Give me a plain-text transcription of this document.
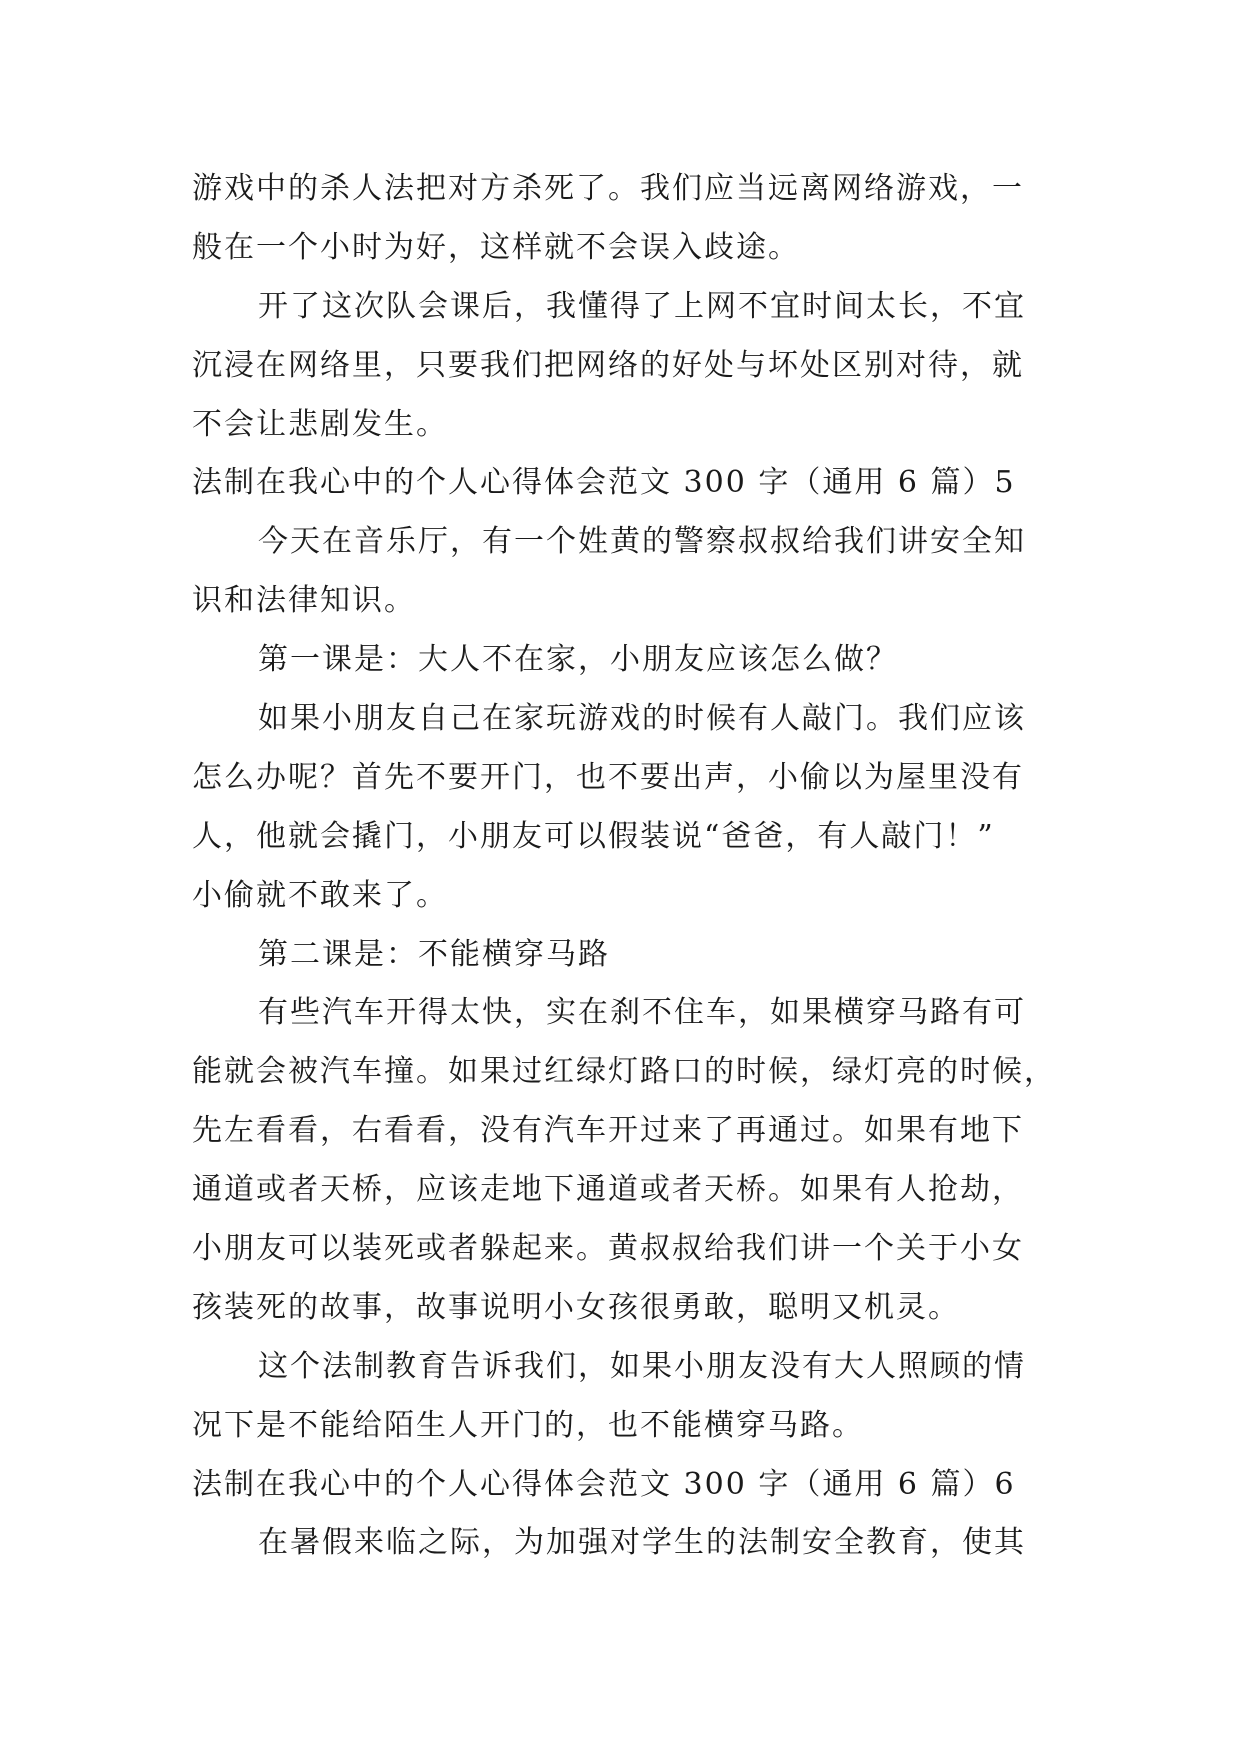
游戏中的杀人法把对方杀死了。我们应当远离网络游戏，一
般在一个小时为好，这样就不会误入歧途。
开了这次队会课后，我懂得了上网不宜时间太长，不宜
沉浸在网络里，只要我们把网络的好处与坏处区别对待，就
不会让悲剧发生。
法制在我心中的个人心得体会范文 300 字（通用 6 篇）5
今天在音乐厅，有一个姓黄的警察叔叔给我们讲安全知
识和法律知识。
第一课是：大人不在家，小朋友应该怎么做？
如果小朋友自己在家玩游戏的时候有人敲门。我们应该
怎么办呢？首先不要开门，也不要出声，小偷以为屋里没有
人，他就会撬门，小朋友可以假装说“爸爸，有人敲门！”
小偷就不敢来了。
第二课是：不能横穿马路
有些汽车开得太快，实在刹不住车，如果横穿马路有可
能就会被汽车撞。如果过红绿灯路口的时候，绿灯亮的时候，
先左看看，右看看，没有汽车开过来了再通过。如果有地下
通道或者天桥，应该走地下通道或者天桥。如果有人抢劫，
小朋友可以装死或者躲起来。黄叔叔给我们讲一个关于小女
孩装死的故事，故事说明小女孩很勇敢，聪明又机灵。
这个法制教育告诉我们，如果小朋友没有大人照顾的情
况下是不能给陌生人开门的，也不能横穿马路。
法制在我心中的个人心得体会范文 300 字（通用 6 篇）6
在暑假来临之际，为加强对学生的法制安全教育，使其
